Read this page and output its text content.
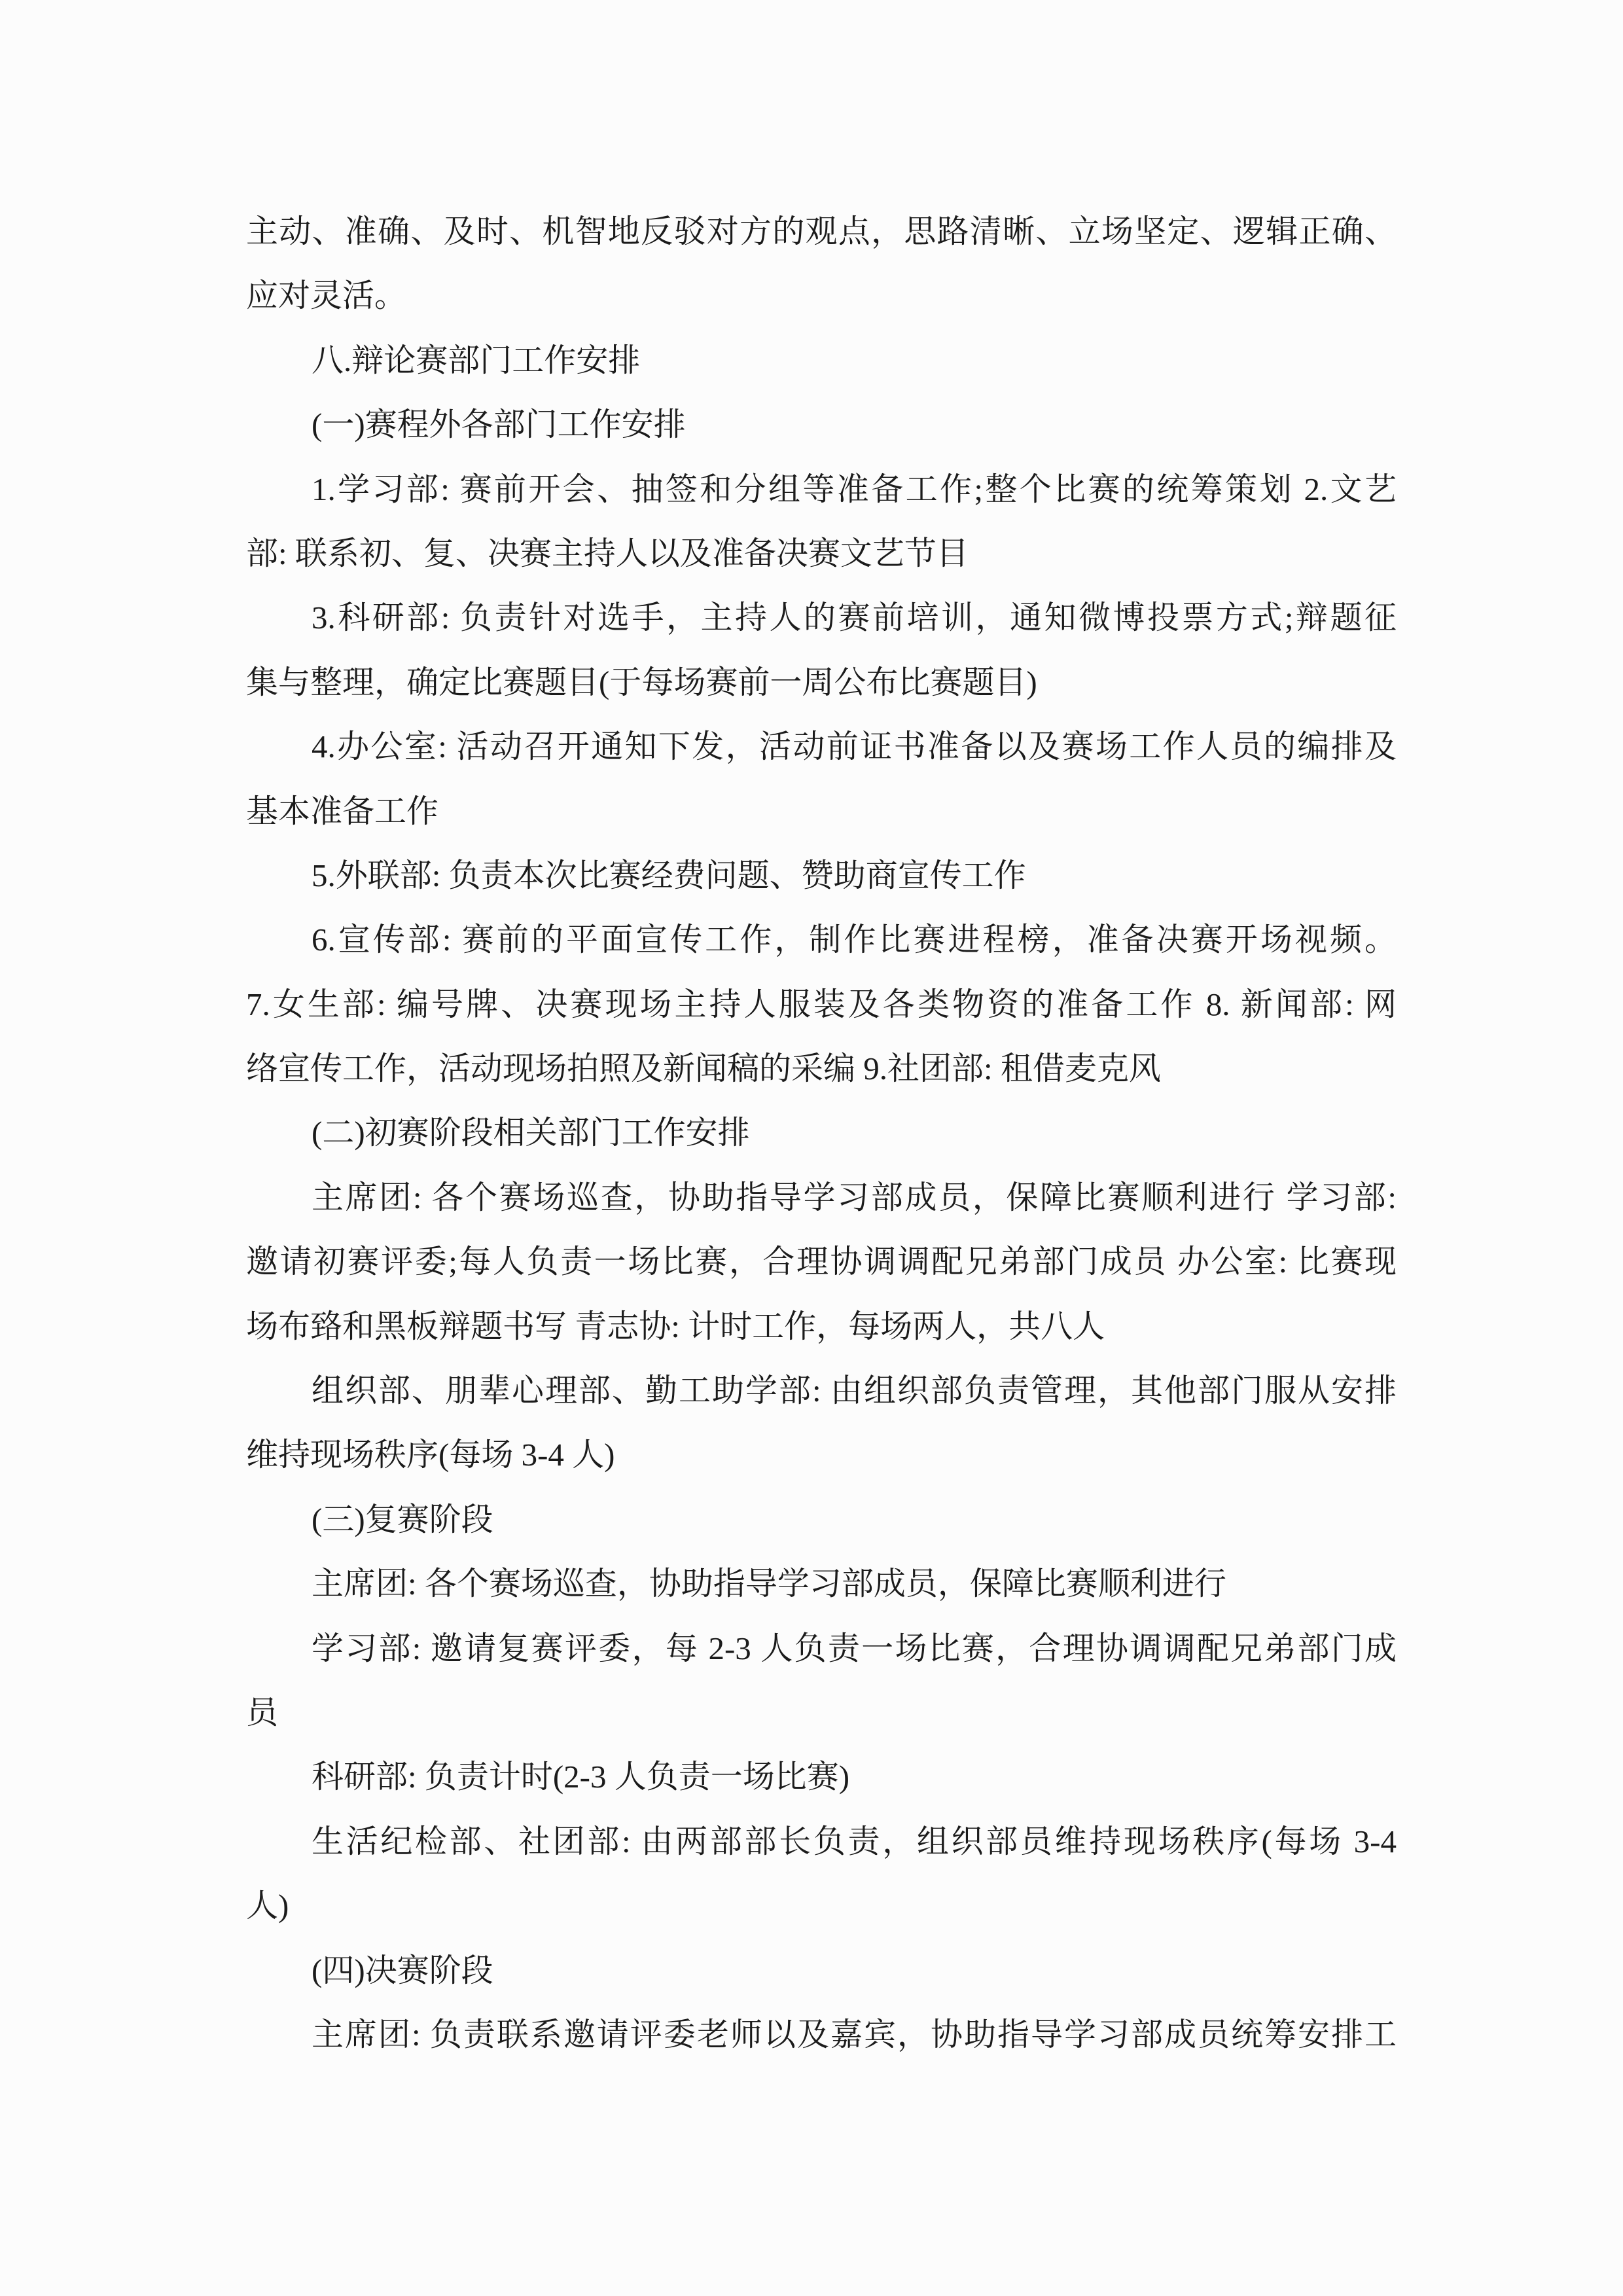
主动、准确、及时、机智地反驳对方的观点，思路清晰、立场坚定、逻辑正确、
应对灵活。
八.辩论赛部门工作安排
(一)赛程外各部门工作安排
1.学习部: 赛前开会、抽签和分组等准备工作;整个比赛的统筹策划 2.文艺
部: 联系初、复、决赛主持人以及准备决赛文艺节目
3.科研部: 负责针对选手，主持人的赛前培训，通知微博投票方式;辩题征
集与整理，确定比赛题目(于每场赛前一周公布比赛题目)
4.办公室: 活动召开通知下发，活动前证书准备以及赛场工作人员的编排及
基本准备工作
5.外联部: 负责本次比赛经费问题、赞助商宣传工作
6.宣传部: 赛前的平面宣传工作，制作比赛进程榜，准备决赛开场视频。
7.女生部: 编号牌、决赛现场主持人服装及各类物资的准备工作 8. 新闻部: 网
络宣传工作，活动现场拍照及新闻稿的采编 9.社团部: 租借麦克风
(二)初赛阶段相关部门工作安排
主席团: 各个赛场巡查，协助指导学习部成员，保障比赛顺利进行 学习部:
邀请初赛评委;每人负责一场比赛，合理协调调配兄弟部门成员 办公室: 比赛现
场布臵和黑板辩题书写 青志协: 计时工作，每场两人，共八人
组织部、朋辈心理部、勤工助学部: 由组织部负责管理，其他部门服从安排
维持现场秩序(每场 3-4 人)
(三)复赛阶段
主席团: 各个赛场巡查，协助指导学习部成员，保障比赛顺利进行
学习部: 邀请复赛评委，每 2-3 人负责一场比赛，合理协调调配兄弟部门成
员
科研部: 负责计时(2-3 人负责一场比赛)
生活纪检部、社团部: 由两部部长负责，组织部员维持现场秩序(每场 3-4
人)
(四)决赛阶段
主席团: 负责联系邀请评委老师以及嘉宾，协助指导学习部成员统筹安排工
